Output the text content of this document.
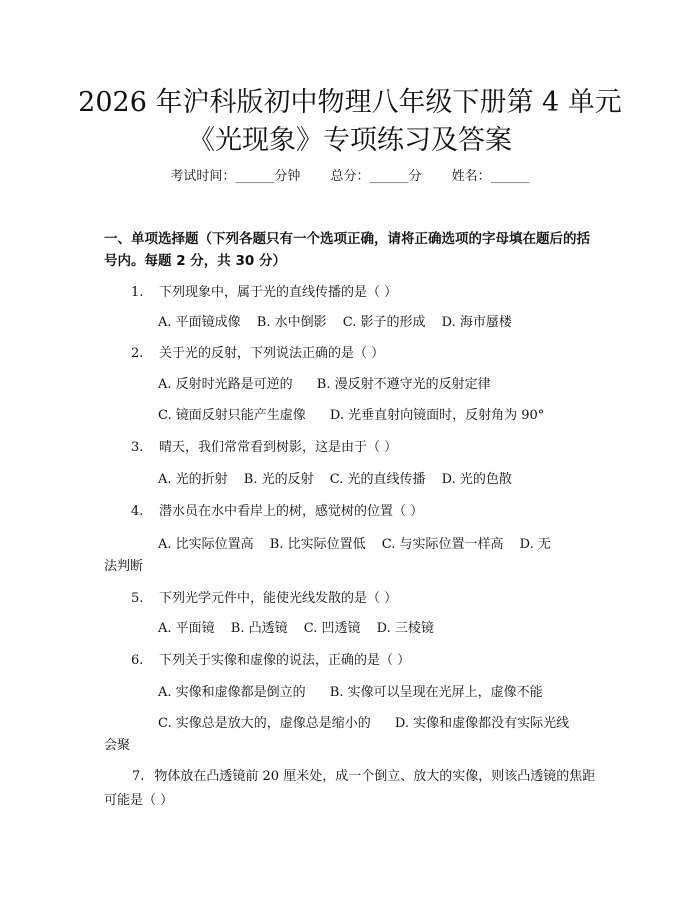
2026 年沪科版初中物理八年级下册第 4 单元
《光现象》专项练习及答案
考试时间：______分钟 总分：______分 姓名：______
一、单项选择题（下列各题只有一个选项正确，请将正确选项的字母填在题后的括号内。每题 2 分，共 30 分）
1. 下列现象中，属于光的直线传播的是（ ）
A. 平面镜成像 B. 水中倒影 C. 影子的形成 D. 海市蜃楼
2. 关于光的反射，下列说法正确的是（ ）
A. 反射时光路是可逆的 B. 漫反射不遵守光的反射定律
C. 镜面反射只能产生虚像 D. 光垂直射向镜面时，反射角为 90°
3. 晴天，我们常常看到树影，这是由于（ ）
A. 光的折射 B. 光的反射 C. 光的直线传播 D. 光的色散
4. 潜水员在水中看岸上的树，感觉树的位置（ ）
A. 比实际位置高 B. 比实际位置低 C. 与实际位置一样高 D. 无
法判断
5. 下列光学元件中，能使光线发散的是（ ）
A. 平面镜 B. 凸透镜 C. 凹透镜 D. 三棱镜
6. 下列关于实像和虚像的说法，正确的是（ ）
A. 实像和虚像都是倒立的 B. 实像可以呈现在光屏上，虚像不能
C. 实像总是放大的，虚像总是缩小的 D. 实像和虚像都没有实际光线
会聚
7. 物体放在凸透镜前 20 厘米处，成一个倒立、放大的实像，则该凸透镜的焦距可能是（ ）
